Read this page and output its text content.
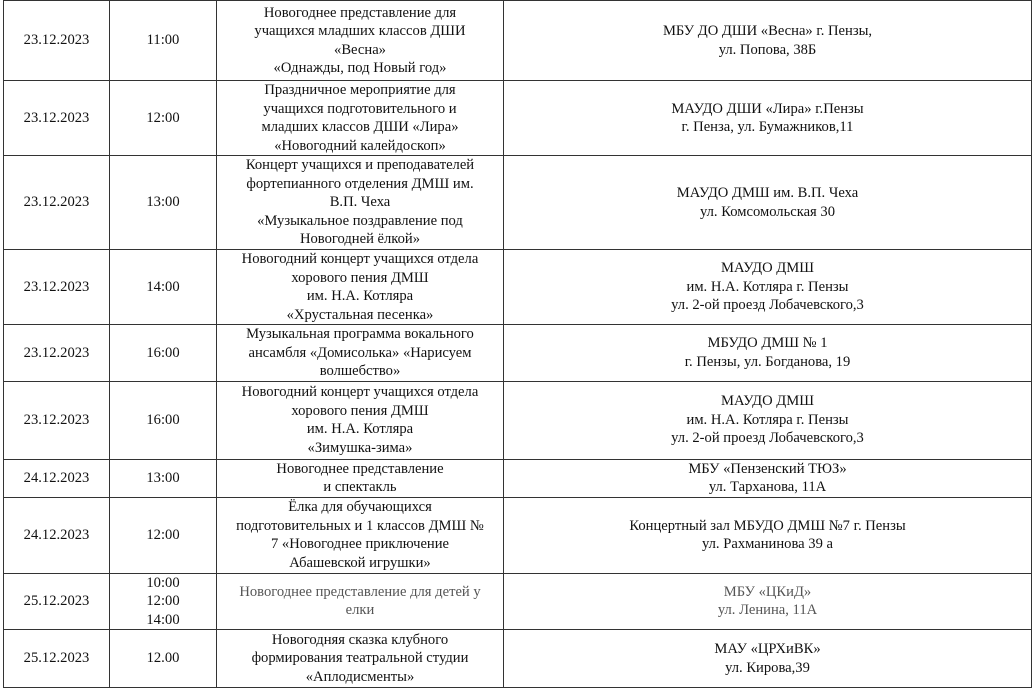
23.12.2023	11:00	Новогоднее представление для
учащихся младших классов ДШИ
«Весна»
«Однажды, под Новый год»	МБУ ДО ДШИ «Весна» г. Пензы,
ул. Попова, 38Б

23.12.2023	12:00	Праздничное мероприятие для
учащихся подготовительного и
младших классов ДШИ «Лира»
«Новогодний калейдоскоп»	МАУДО ДШИ «Лира» г.Пензы
г. Пенза, ул. Бумажников,11

23.12.2023	13:00	Концерт учащихся и преподавателей
фортепианного отделения ДМШ им.
В.П. Чеха
«Музыкальное поздравление под
Новогодней ёлкой»	МАУДО ДМШ им. В.П. Чеха
ул. Комсомольская 30

23.12.2023	14:00	Новогодний концерт учащихся отдела
хорового пения ДМШ
им. Н.А. Котляра
«Хрустальная песенка»	МАУДО ДМШ
им. Н.А. Котляра г. Пензы
ул. 2-ой проезд Лобачевского,3

23.12.2023	16:00	Музыкальная программа вокального
ансамбля «Домисолька» «Нарисуем
волшебство»	МБУДО ДМШ № 1
г. Пензы, ул. Богданова, 19

23.12.2023	16:00	Новогодний концерт учащихся отдела
хорового пения ДМШ
им. Н.А. Котляра
«Зимушка-зима»	МАУДО ДМШ
им. Н.А. Котляра г. Пензы
ул. 2-ой проезд Лобачевского,3

24.12.2023	13:00	Новогоднее представление
и спектакль	МБУ «Пензенский ТЮЗ»
ул. Тарханова, 11А

24.12.2023	12:00	Ёлка для обучающихся
подготовительных и 1 классов ДМШ №
7 «Новогоднее приключение
Абашевской игрушки»	Концертный зал МБУДО ДМШ №7 г. Пензы
ул. Рахманинова 39 а

25.12.2023	10:00
12:00
14:00	Новогоднее представление для детей у
елки	МБУ «ЦКиД»
ул. Ленина, 11А

25.12.2023	12.00	Новогодняя сказка клубного
формирования театральной студии
«Аплодисменты»	МАУ «ЦРХиВК»
ул. Кирова,39
